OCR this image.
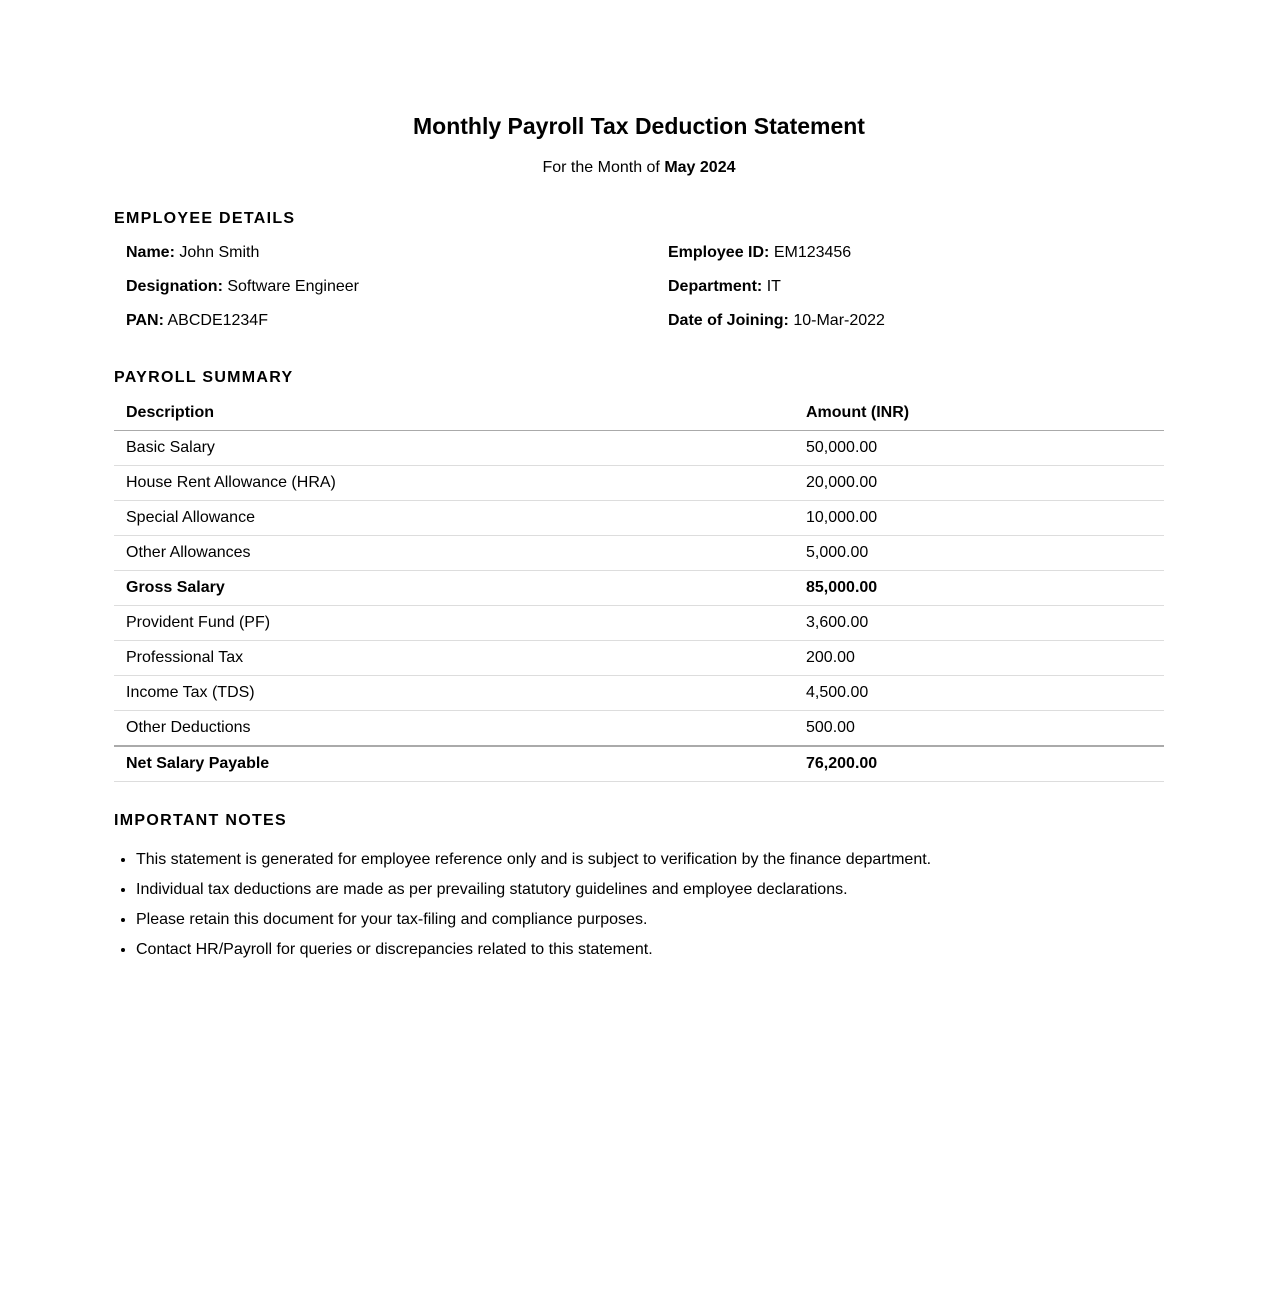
Monthly Payroll Tax Deduction Statement
For the Month of May 2024
EMPLOYEE DETAILS
Name: John Smith	Employee ID: EM123456
Designation: Software Engineer	Department: IT
PAN: ABCDE1234F	Date of Joining: 10-Mar-2022
PAYROLL SUMMARY
Description	Amount (INR)
Basic Salary	50,000.00
House Rent Allowance (HRA)	20,000.00
Special Allowance	10,000.00
Other Allowances	5,000.00
Gross Salary	85,000.00
Provident Fund (PF)	3,600.00
Professional Tax	200.00
Income Tax (TDS)	4,500.00
Other Deductions	500.00
Net Salary Payable	76,200.00
IMPORTANT NOTES
• This statement is generated for employee reference only and is subject to verification by the finance department.
• Individual tax deductions are made as per prevailing statutory guidelines and employee declarations.
• Please retain this document for your tax-filing and compliance purposes.
• Contact HR/Payroll for queries or discrepancies related to this statement.
